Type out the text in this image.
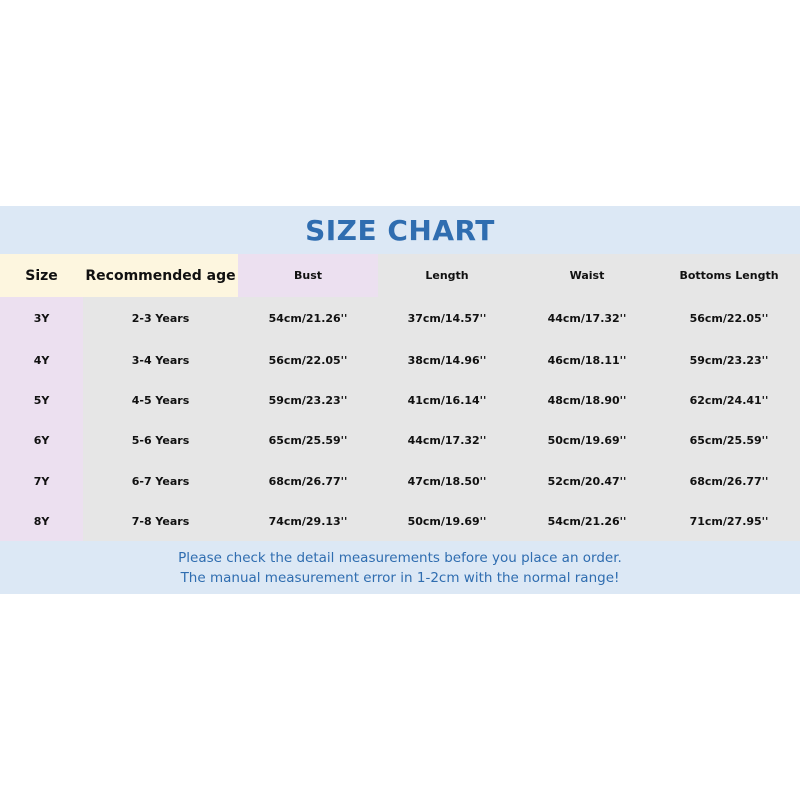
SIZE CHART
Size	Recommended age	Bust	Length	Waist	Bottoms Length
3Y	2-3 Years	54cm/21.26''	37cm/14.57''	44cm/17.32''	56cm/22.05''
4Y	3-4 Years	56cm/22.05''	38cm/14.96''	46cm/18.11''	59cm/23.23''
5Y	4-5 Years	59cm/23.23''	41cm/16.14''	48cm/18.90''	62cm/24.41''
6Y	5-6 Years	65cm/25.59''	44cm/17.32''	50cm/19.69''	65cm/25.59''
7Y	6-7 Years	68cm/26.77''	47cm/18.50''	52cm/20.47''	68cm/26.77''
8Y	7-8 Years	74cm/29.13''	50cm/19.69''	54cm/21.26''	71cm/27.95''
Please check the detail measurements before you place an order.
The manual measurement error in 1-2cm with the normal range!
